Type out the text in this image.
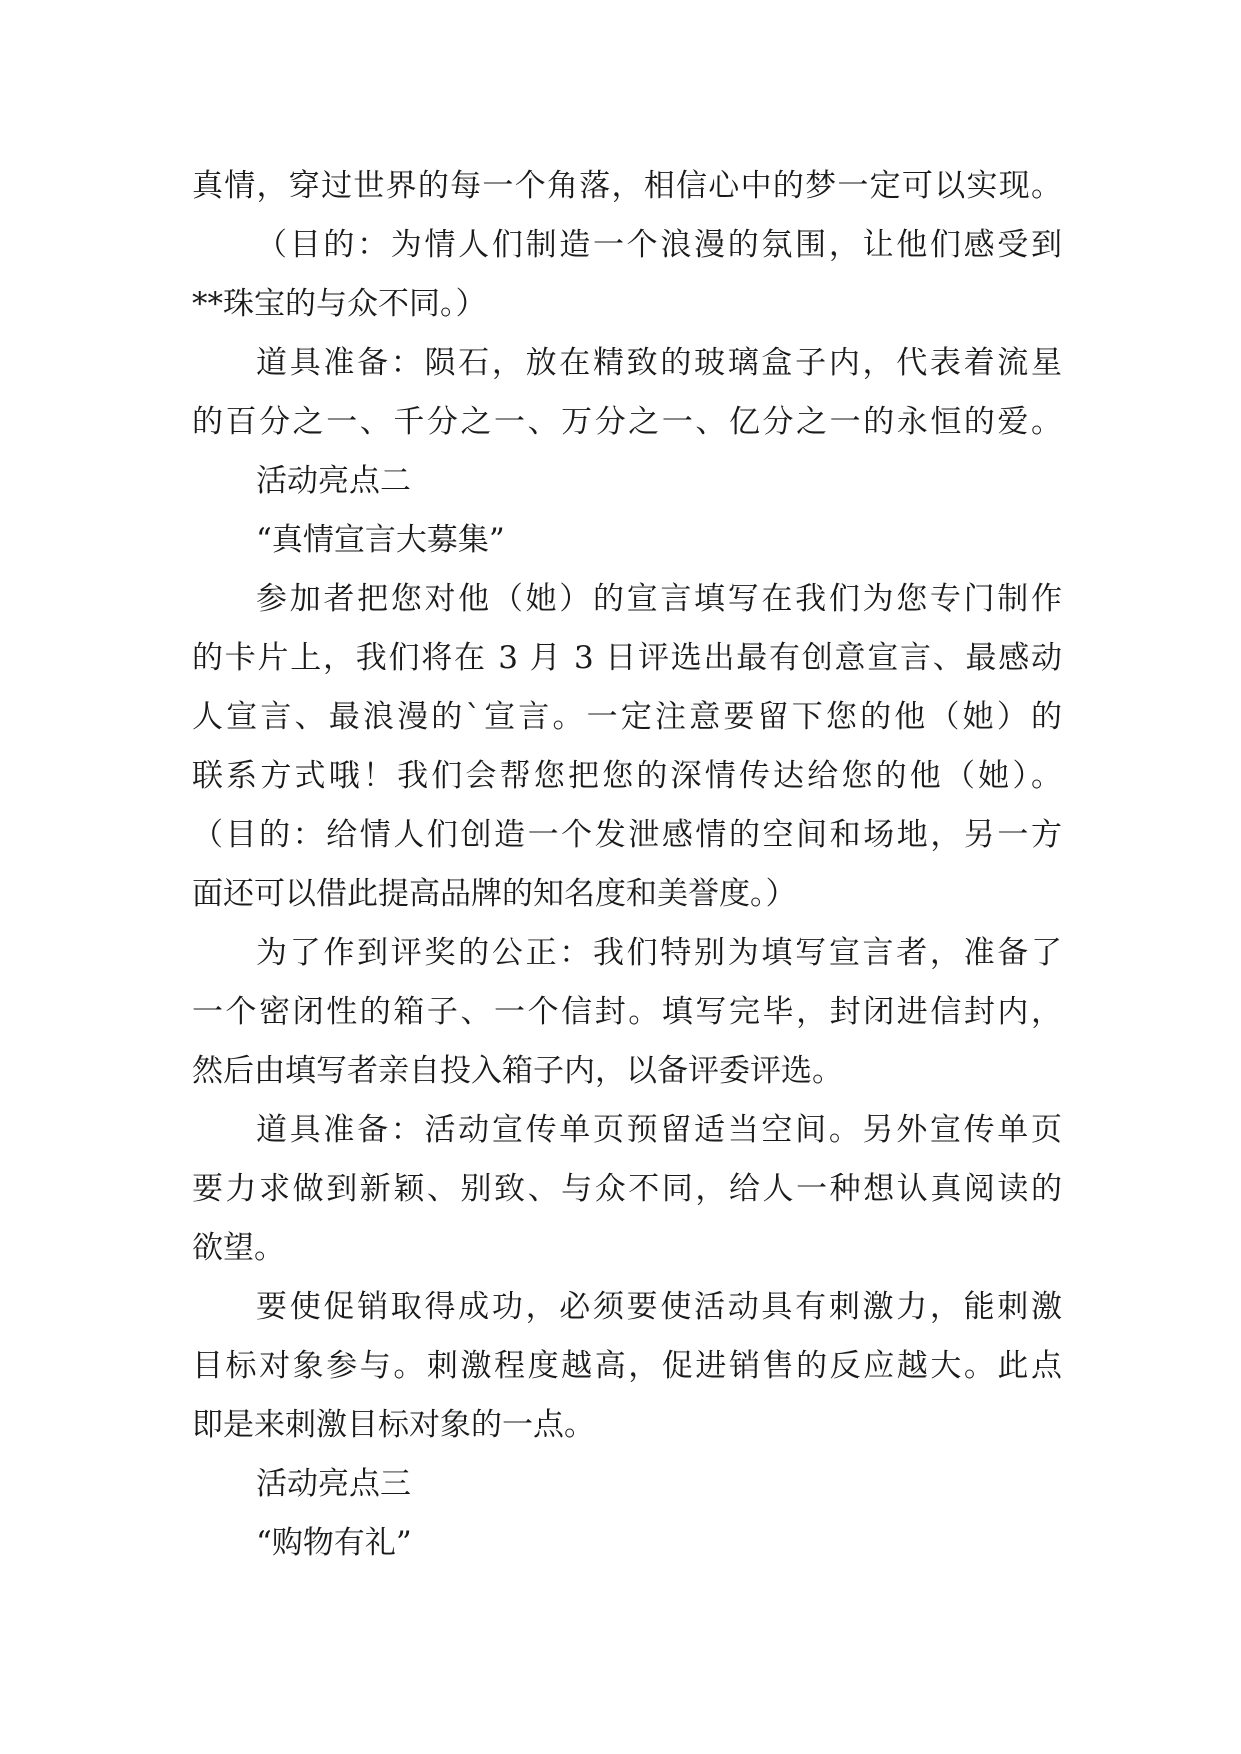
真情，穿过世界的每一个角落，相信心中的梦一定可以实现。
（目的：为情人们制造一个浪漫的氛围，让他们感受到
**珠宝的与众不同。）
道具准备：陨石，放在精致的玻璃盒子内，代表着流星
的百分之一、千分之一、万分之一、亿分之一的永恒的爱。
活动亮点二
“真情宣言大募集”
参加者把您对他（她）的宣言填写在我们为您专门制作
的卡片上，我们将在 3 月 3 日评选出最有创意宣言、最感动
人宣言、最浪漫的`宣言。一定注意要留下您的他（她）的
联系方式哦！我们会帮您把您的深情传达给您的他（她）。
（目的：给情人们创造一个发泄感情的空间和场地，另一方
面还可以借此提高品牌的知名度和美誉度。）
为了作到评奖的公正：我们特别为填写宣言者，准备了
一个密闭性的箱子、一个信封。填写完毕，封闭进信封内，
然后由填写者亲自投入箱子内，以备评委评选。
道具准备：活动宣传单页预留适当空间。另外宣传单页
要力求做到新颖、别致、与众不同，给人一种想认真阅读的
欲望。
要使促销取得成功，必须要使活动具有刺激力，能刺激
目标对象参与。刺激程度越高，促进销售的反应越大。此点
即是来刺激目标对象的一点。
活动亮点三
“购物有礼”
